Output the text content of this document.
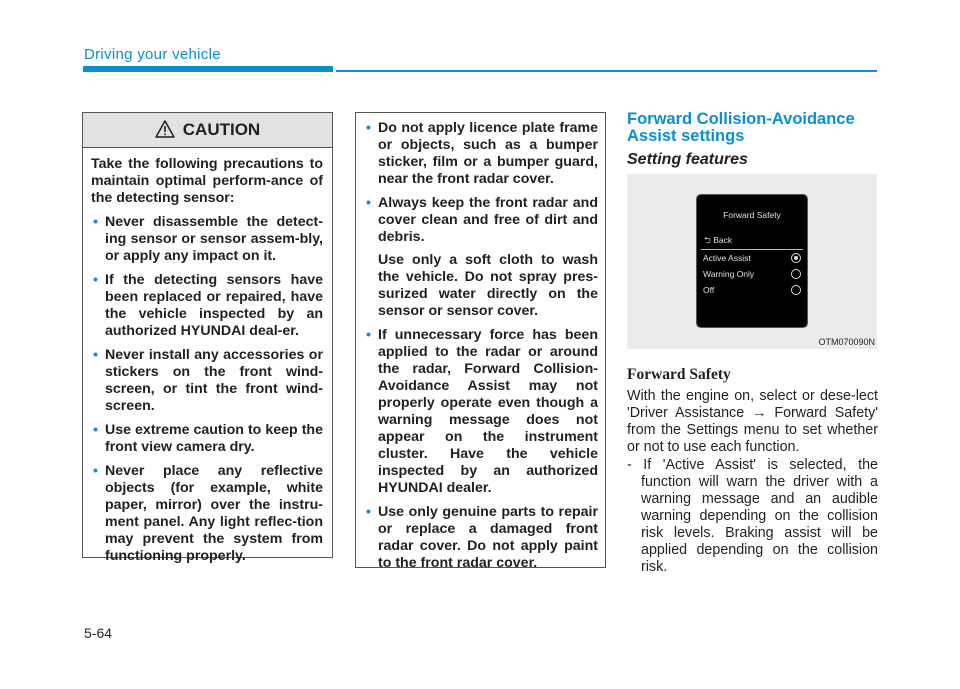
Driving your vehicle
CAUTION

Take the following precautions to maintain optimal perform-ance of the detecting sensor:

• Never disassemble the detect-ing sensor or sensor assem-bly, or apply any impact on it.
• If the detecting sensors have been replaced or repaired, have the vehicle inspected by an authorized HYUNDAI deal-er.
• Never install any accessories or stickers on the front wind-screen, or tint the front wind-screen.
• Use extreme caution to keep the front view camera dry.
• Never place any reflective objects (for example, white paper, mirror) over the instru-ment panel. Any light reflec-tion may prevent the system from functioning properly.
• Do not apply licence plate frame or objects, such as a bumper sticker, film or a bumper guard, near the front radar cover.
• Always keep the front radar and cover clean and free of dirt and debris.
Use only a soft cloth to wash the vehicle. Do not spray pres-surized water directly on the sensor or sensor cover.
• If unnecessary force has been applied to the radar or around the radar, Forward Collision-Avoidance Assist may not properly operate even though a warning message does not appear on the instrument cluster. Have the vehicle inspected by an authorized HYUNDAI dealer.
• Use only genuine parts to repair or replace a damaged front radar cover. Do not apply paint to the front radar cover.
Forward Collision-Avoidance Assist settings
Setting features
Forward Safety
⮌ Back
Active Assist
Warning Only
Off
OTM070090N
Forward Safety
With the engine on, select or dese-lect 'Driver Assistance → Forward Safety' from the Settings menu to set whether or not to use each function.
- If 'Active Assist' is selected, the function will warn the driver with a warning message and an audible warning depending on the collision risk levels. Braking assist will be applied depending on the collision risk.
5-64
